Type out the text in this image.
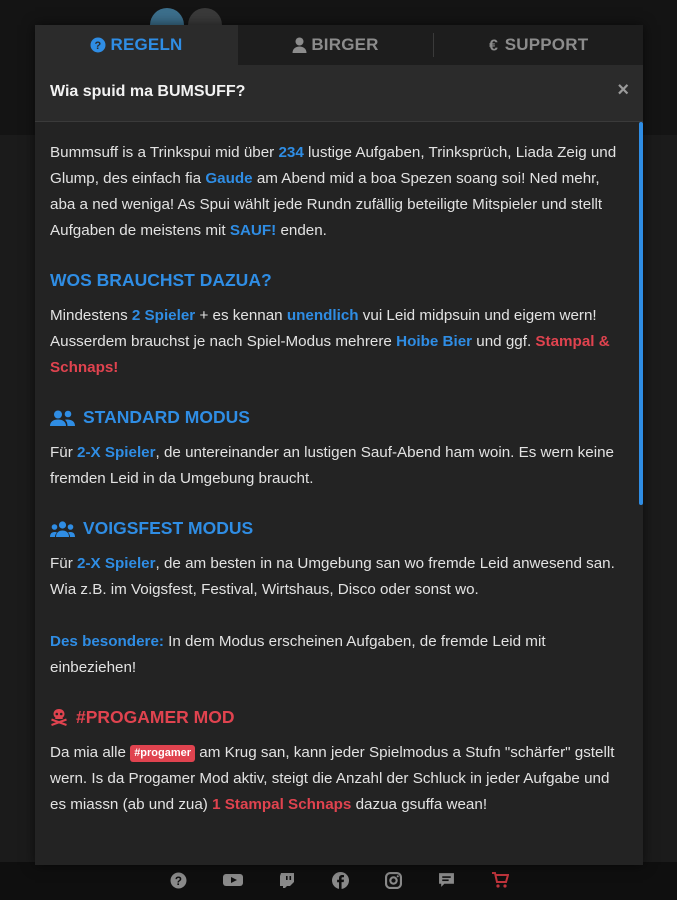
?
? REGELN	BIRGER	€ SUPPORT
Wia spuid ma BUMSUFF?	×

Bummsuff is a Trinkspui mid über 234 lustige Aufgaben, Trinksprüch, Liada Zeig und Glump, des einfach fia Gaude am Abend mid a boa Spezen soang soi! Ned mehr, aba a ned weniga! As Spui wählt jede Rundn zufällig beteiligte Mitspieler und stellt Aufgaben de meistens mit SAUF! enden.

WOS BRAUCHST DAZUA?

Mindestens 2 Spieler + es kennan unendlich vui Leid midpsuin und eigem wern! Ausserdem brauchst je nach Spiel-Modus mehrere Hoibe Bier und ggf. Stampal & Schnaps!

STANDARD MODUS

Für 2-X Spieler, de untereinander an lustigen Sauf-Abend ham woin. Es wern keine fremden Leid in da Umgebung braucht.

VOIGSFEST MODUS

Für 2-X Spieler, de am besten in na Umgebung san wo fremde Leid anwesend san. Wia z.B. im Voigsfest, Festival, Wirtshaus, Disco oder sonst wo.

Des besondere: In dem Modus erscheinen Aufgaben, de fremde Leid mit einbeziehen!

#PROGAMER MOD

Da mia alle #progamer am Krug san, kann jeder Spielmodus a Stufn "schärfer" gstellt wern. Is da Progamer Mod aktiv, steigt die Anzahl der Schluck in jeder Aufgabe und es miassn (ab und zua) 1 Stampal Schnaps dazua gsuffa wean!
